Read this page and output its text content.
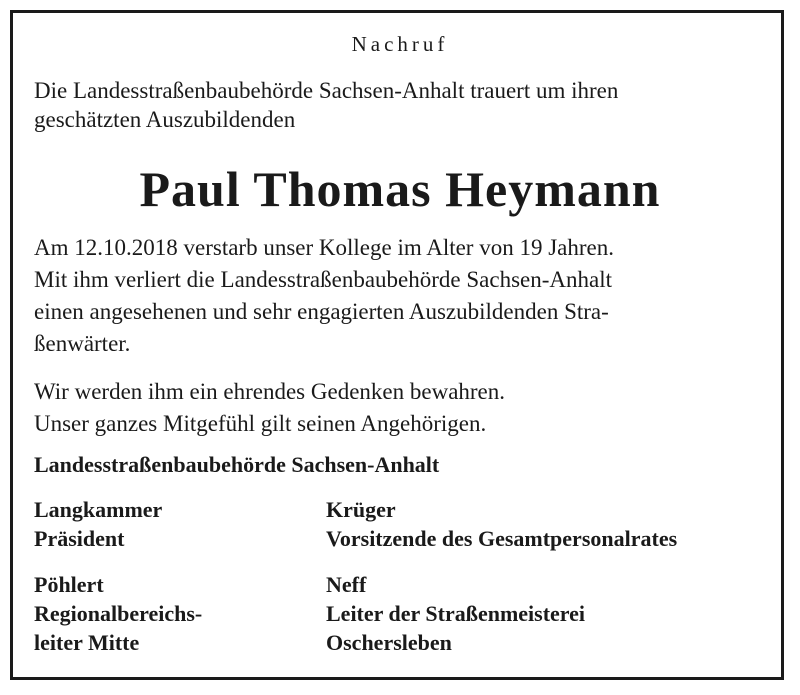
Nachruf
Die Landesstraßenbaubehörde Sachsen-Anhalt trauert um ihren
geschätzten Auszubildenden
Paul Thomas Heymann
Am 12.10.2018 verstarb unser Kollege im Alter von 19 Jahren.
Mit ihm verliert die Landesstraßenbaubehörde Sachsen-Anhalt
einen angesehenen und sehr engagierten Auszubildenden Stra-
ßenwärter.
Wir werden ihm ein ehrendes Gedenken bewahren.
Unser ganzes Mitgefühl gilt seinen Angehörigen.
Landesstraßenbaubehörde Sachsen-Anhalt
Langkammer
Präsident
Krüger
Vorsitzende des Gesamtpersonalrates
Pöhlert
Regionalbereichs-
leiter Mitte
Neff
Leiter der Straßenmeisterei
Oschersleben
